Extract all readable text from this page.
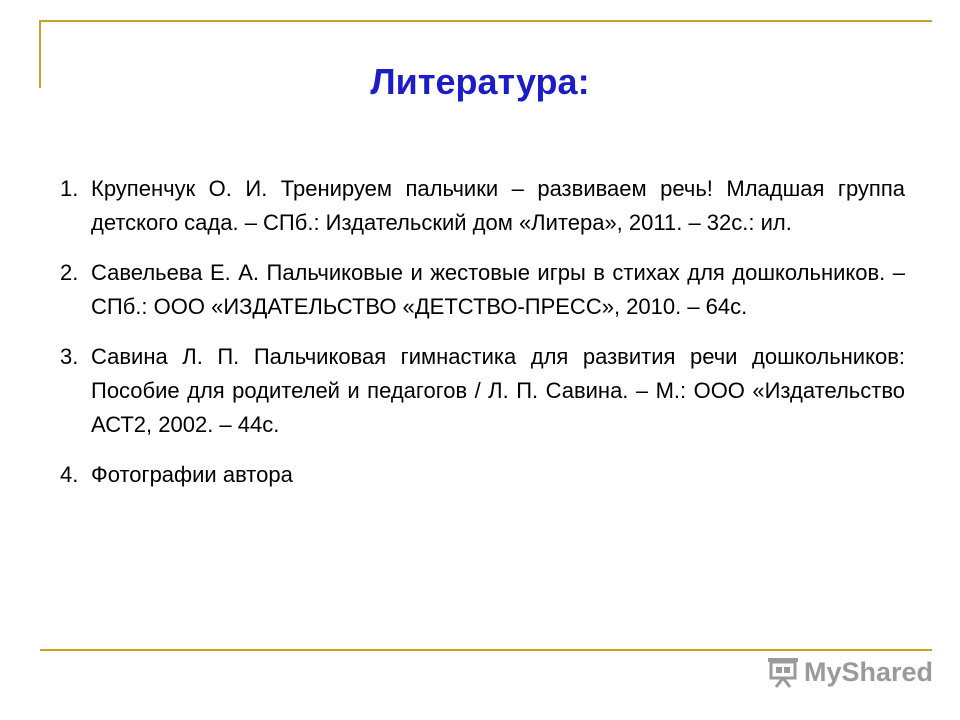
Литература:
1. Крупенчук О. И. Тренируем пальчики – развиваем речь! Младшая группа детского сада. – СПб.: Издательский дом «Литера», 2011. – 32с.: ил.
2. Савельева Е. А. Пальчиковые и жестовые игры в стихах для дошкольников. – СПб.: ООО «ИЗДАТЕЛЬСТВО «ДЕТСТВО-ПРЕСС», 2010. – 64с.
3. Савина Л. П. Пальчиковая гимнастика для развития речи дошкольников: Пособие для родителей и педагогов / Л. П. Савина. – М.: ООО «Издательство АСТ2, 2002. – 44с.
4. Фотографии автора
MyShared
